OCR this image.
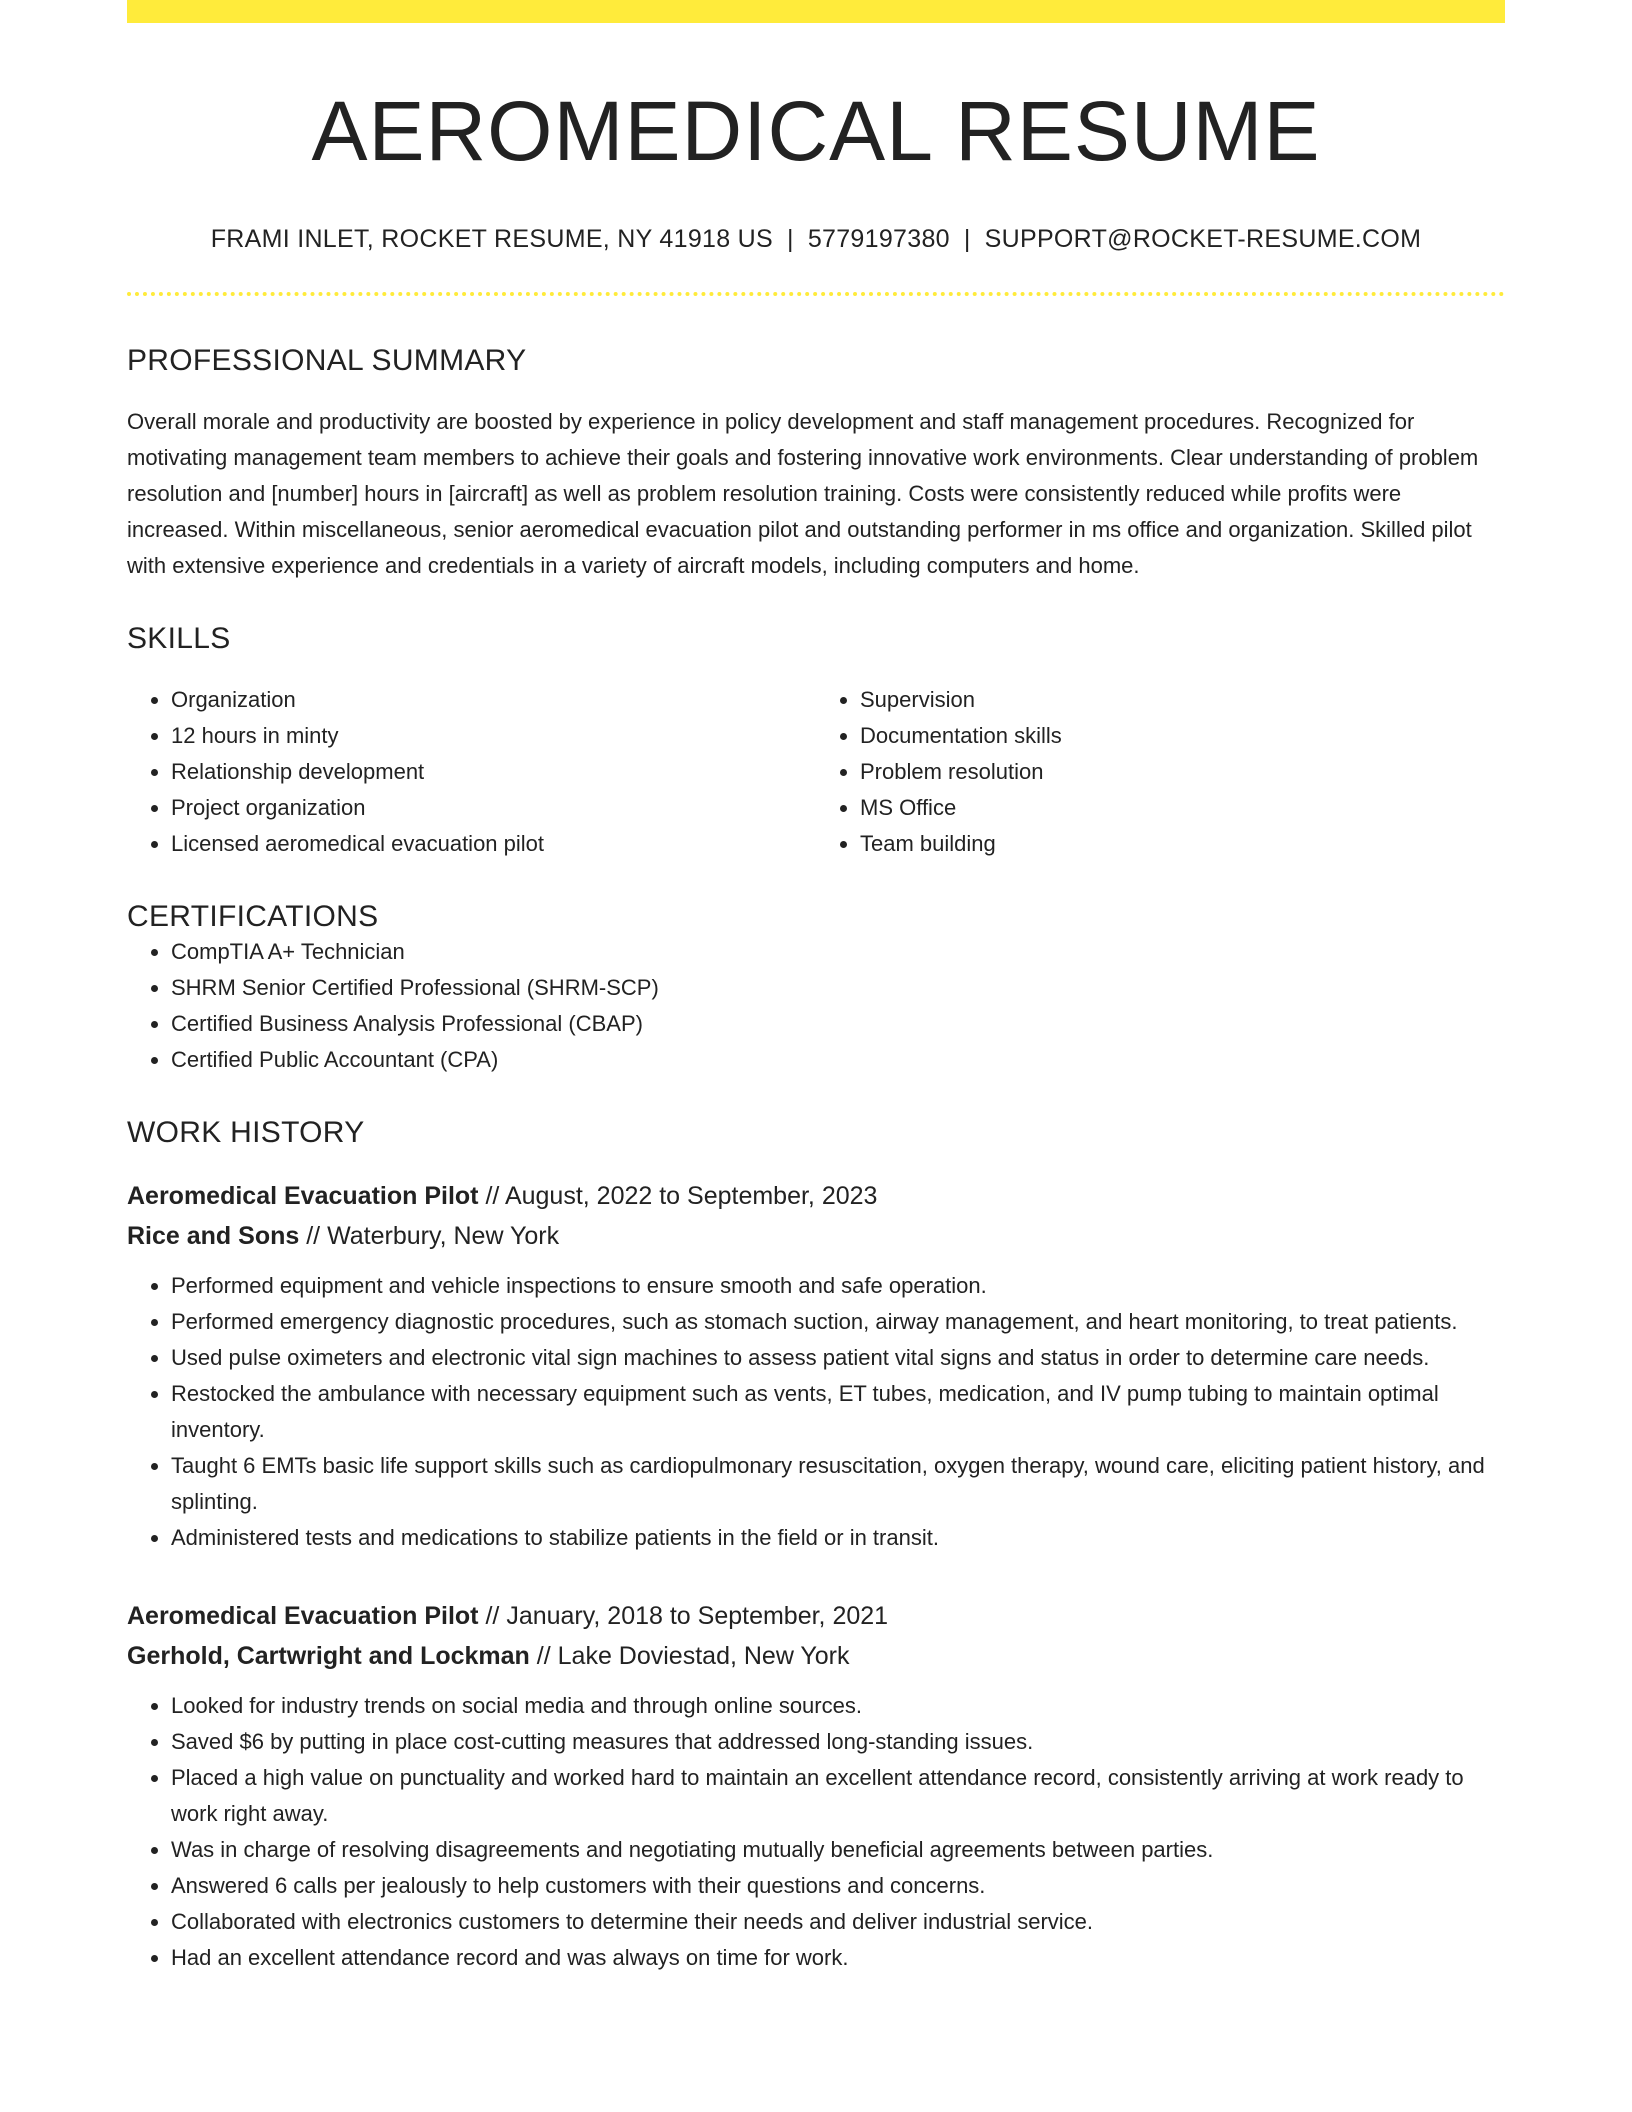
AEROMEDICAL RESUME
FRAMI INLET, ROCKET RESUME, NY 41918 US | 5779197380 | SUPPORT@ROCKET-RESUME.COM
PROFESSIONAL SUMMARY
Overall morale and productivity are boosted by experience in policy development and staff management procedures. Recognized for motivating management team members to achieve their goals and fostering innovative work environments. Clear understanding of problem resolution and [number] hours in [aircraft] as well as problem resolution training. Costs were consistently reduced while profits were increased. Within miscellaneous, senior aeromedical evacuation pilot and outstanding performer in ms office and organization. Skilled pilot with extensive experience and credentials in a variety of aircraft models, including computers and home.
SKILLS
• Organization
• 12 hours in minty
• Relationship development
• Project organization
• Licensed aeromedical evacuation pilot
• Supervision
• Documentation skills
• Problem resolution
• MS Office
• Team building
CERTIFICATIONS
• CompTIA A+ Technician
• SHRM Senior Certified Professional (SHRM-SCP)
• Certified Business Analysis Professional (CBAP)
• Certified Public Accountant (CPA)
WORK HISTORY
Aeromedical Evacuation Pilot // August, 2022 to September, 2023
Rice and Sons // Waterbury, New York
• Performed equipment and vehicle inspections to ensure smooth and safe operation.
• Performed emergency diagnostic procedures, such as stomach suction, airway management, and heart monitoring, to treat patients.
• Used pulse oximeters and electronic vital sign machines to assess patient vital signs and status in order to determine care needs.
• Restocked the ambulance with necessary equipment such as vents, ET tubes, medication, and IV pump tubing to maintain optimal inventory.
• Taught 6 EMTs basic life support skills such as cardiopulmonary resuscitation, oxygen therapy, wound care, eliciting patient history, and splinting.
• Administered tests and medications to stabilize patients in the field or in transit.
Aeromedical Evacuation Pilot // January, 2018 to September, 2021
Gerhold, Cartwright and Lockman // Lake Doviestad, New York
• Looked for industry trends on social media and through online sources.
• Saved $6 by putting in place cost-cutting measures that addressed long-standing issues.
• Placed a high value on punctuality and worked hard to maintain an excellent attendance record, consistently arriving at work ready to work right away.
• Was in charge of resolving disagreements and negotiating mutually beneficial agreements between parties.
• Answered 6 calls per jealously to help customers with their questions and concerns.
• Collaborated with electronics customers to determine their needs and deliver industrial service.
• Had an excellent attendance record and was always on time for work.
